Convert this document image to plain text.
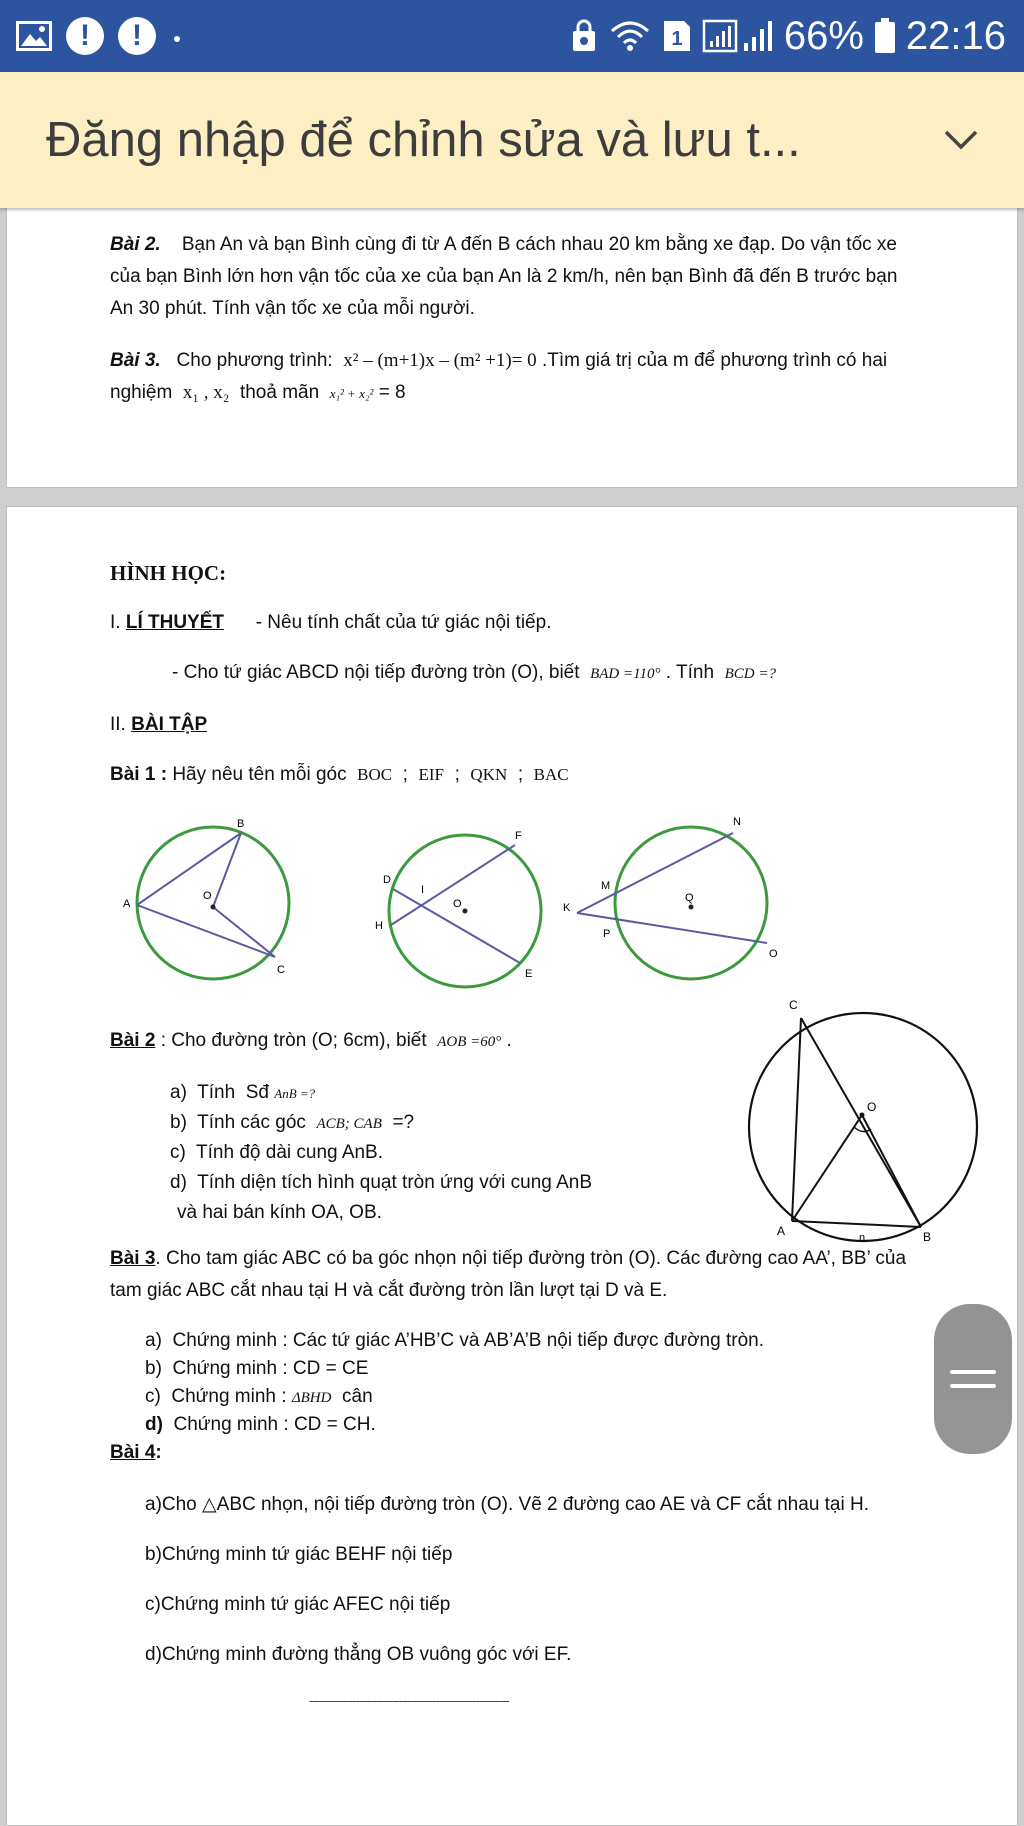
!	!	1	66% 22:16
Đăng nhập để chỉnh sửa và lưu t...
Bài 2. Bạn An và bạn Bình cùng đi từ A đến B cách nhau 20 km bằng xe đạp. Do vận tốc xe
của bạn Bình lớn hơn vận tốc của xe của bạn An là 2 km/h, nên bạn Bình đã đến B trước bạn
An 30 phút. Tính vận tốc xe của mỗi người.
Bài 3. Cho phương trình: x² – (m+1)x – (m² +1)= 0 .Tìm giá trị của m để phương trình có hai
nghiệm x₁ , x₂ thoả mãn x₁² + x₂² = 8
HÌNH HỌC:
I. LÍ THUYẾT - Nêu tính chất của tứ giác nội tiếp.
- Cho tứ giác ABCD nội tiếp đường tròn (O), biết BAD =110° . Tính BCD =?
II. BÀI TẬP
Bài 1 : Hãy nêu tên mỗi góc BOC ; EIF ; QKN ; BAC
A
B
C
O
D
I
F
H
O
E
K
M
N
P
Q
O
C
O
A	B
n
Bài 2 : Cho đường tròn (O; 6cm), biết AOB =60° .
a) Tính Sđ AnB =?
b) Tính các góc ACB; CAB =?
c) Tính độ dài cung AnB.
d) Tính diện tích hình quạt tròn ứng với cung AnB
và hai bán kính OA, OB.
Bài 3. Cho tam giác ABC có ba góc nhọn nội tiếp đường tròn (O). Các đường cao AA’, BB’ của
tam giác ABC cắt nhau tại H và cắt đường tròn lần lượt tại D và E.
a) Chứng minh : Các tứ giác A’HB’C và AB’A’B nội tiếp được đường tròn.
b) Chứng minh : CD = CE
c) Chứng minh : ΔBHD cân
d) Chứng minh : CD = CH.
Bài 4:
a)Cho △ABC nhọn, nội tiếp đường tròn (O). Vẽ 2 đường cao AE và CF cắt nhau tại H.
b)Chứng minh tứ giác BEHF nội tiếp
c)Chứng minh tứ giác AFEC nội tiếp
d)Chứng minh đường thẳng OB vuông góc với EF.
------------------------------------------------------------
